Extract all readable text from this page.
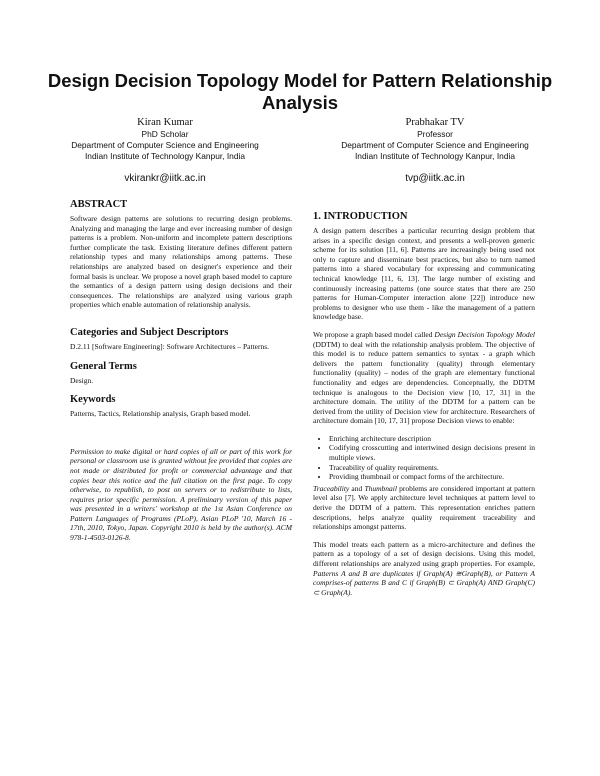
Design Decision Topology Model for Pattern Relationship Analysis
Kiran Kumar
PhD Scholar
Department of Computer Science and Engineering
Indian Institute of Technology Kanpur, India
vkirankr@iitk.ac.in
Prabhakar TV
Professor
Department of Computer Science and Engineering
Indian Institute of Technology Kanpur, India
tvp@iitk.ac.in
ABSTRACT

Software design patterns are solutions to recurring design problems. Analyzing and managing the large and ever increasing number of design patterns is a problem. Non-uniform and incomplete pattern descriptions further complicate the task. Existing literature defines different pattern relationship types and many relationships among patterns. These relationships are analyzed based on designer's experience and their formal basis is unclear. We propose a novel graph based model to capture the semantics of a design pattern using design decisions and their consequences. The relationships are analyzed using various graph properties which enable automation of relationship analysis.

Categories and Subject Descriptors

D.2.11 [Software Engineering]: Software Architectures – Patterns.

General Terms

Design.

Keywords

Patterns, Tactics, Relationship analysis, Graph based model.

Permission to make digital or hard copies of all or part of this work for personal or classroom use is granted without fee provided that copies are not made or distributed for profit or commercial advantage and that copies bear this notice and the full citation on the first page. To copy otherwise, to republish, to post on servers or to redistribute to lists, requires prior specific permission. A preliminary version of this paper was presented in a writers' workshop at the 1st Asian Conference on Pattern Languages of Programs (PLoP), Asian PLoP '10, March 16 - 17th, 2010, Tokyo, Japan. Copyright 2010 is held by the author(s). ACM 978-1-4503-0126-8.

1. INTRODUCTION

A design pattern describes a particular recurring design problem that arises in a specific design context, and presents a well-proven generic scheme for its solution [11, 6]. Patterns are increasingly being used not only to capture and disseminate best practices, but also to turn named patterns into a shared vocabulary for expressing and communicating technical knowledge [11, 6, 13]. The large number of existing and continuously increasing patterns (one source states that there are 250 patterns for Human-Computer interaction alone [22]) introduce new problems to designer who use them - like the management of a pattern knowledge base.

We propose a graph based model called Design Decision Topology Model (DDTM) to deal with the relationship analysis problem. The objective of this model is to reduce pattern semantics to syntax - a graph which delivers the pattern functionality (quality) through elementary functionality (quality) – nodes of the graph are elementary functional functionality and edges are dependencies. Conceptually, the DDTM technique is analogous to the Decision view [10, 17, 31] in the architecture domain. The utility of the DDTM for a pattern can be derived from the utility of Decision view for architecture. Researchers of architecture domain [10, 17, 31] propose Decision views to enable:

• Enriching architecture description
• Codifying crosscutting and intertwined design decisions present in multiple views.
• Traceability of quality requirements.
• Providing thumbnail or compact forms of the architecture.

Traceability and Thumbnail problems are considered important at pattern level also [7]. We apply architecture level techniques at pattern level to derive the DDTM of a pattern. This representation enriches pattern descriptions, helps analyze quality requirement traceability and relationships amongst patterns.

This model treats each pattern as a micro-architecture and defines the pattern as a topology of a set of design decisions. Using this model, different relationships are analyzed using graph properties. For example, Patterns A and B are duplicates if Graph(A) ≅Graph(B), or Pattern A comprises-of patterns B and C if Graph(B) ⊂ Graph(A) AND Graph(C) ⊂ Graph(A).
